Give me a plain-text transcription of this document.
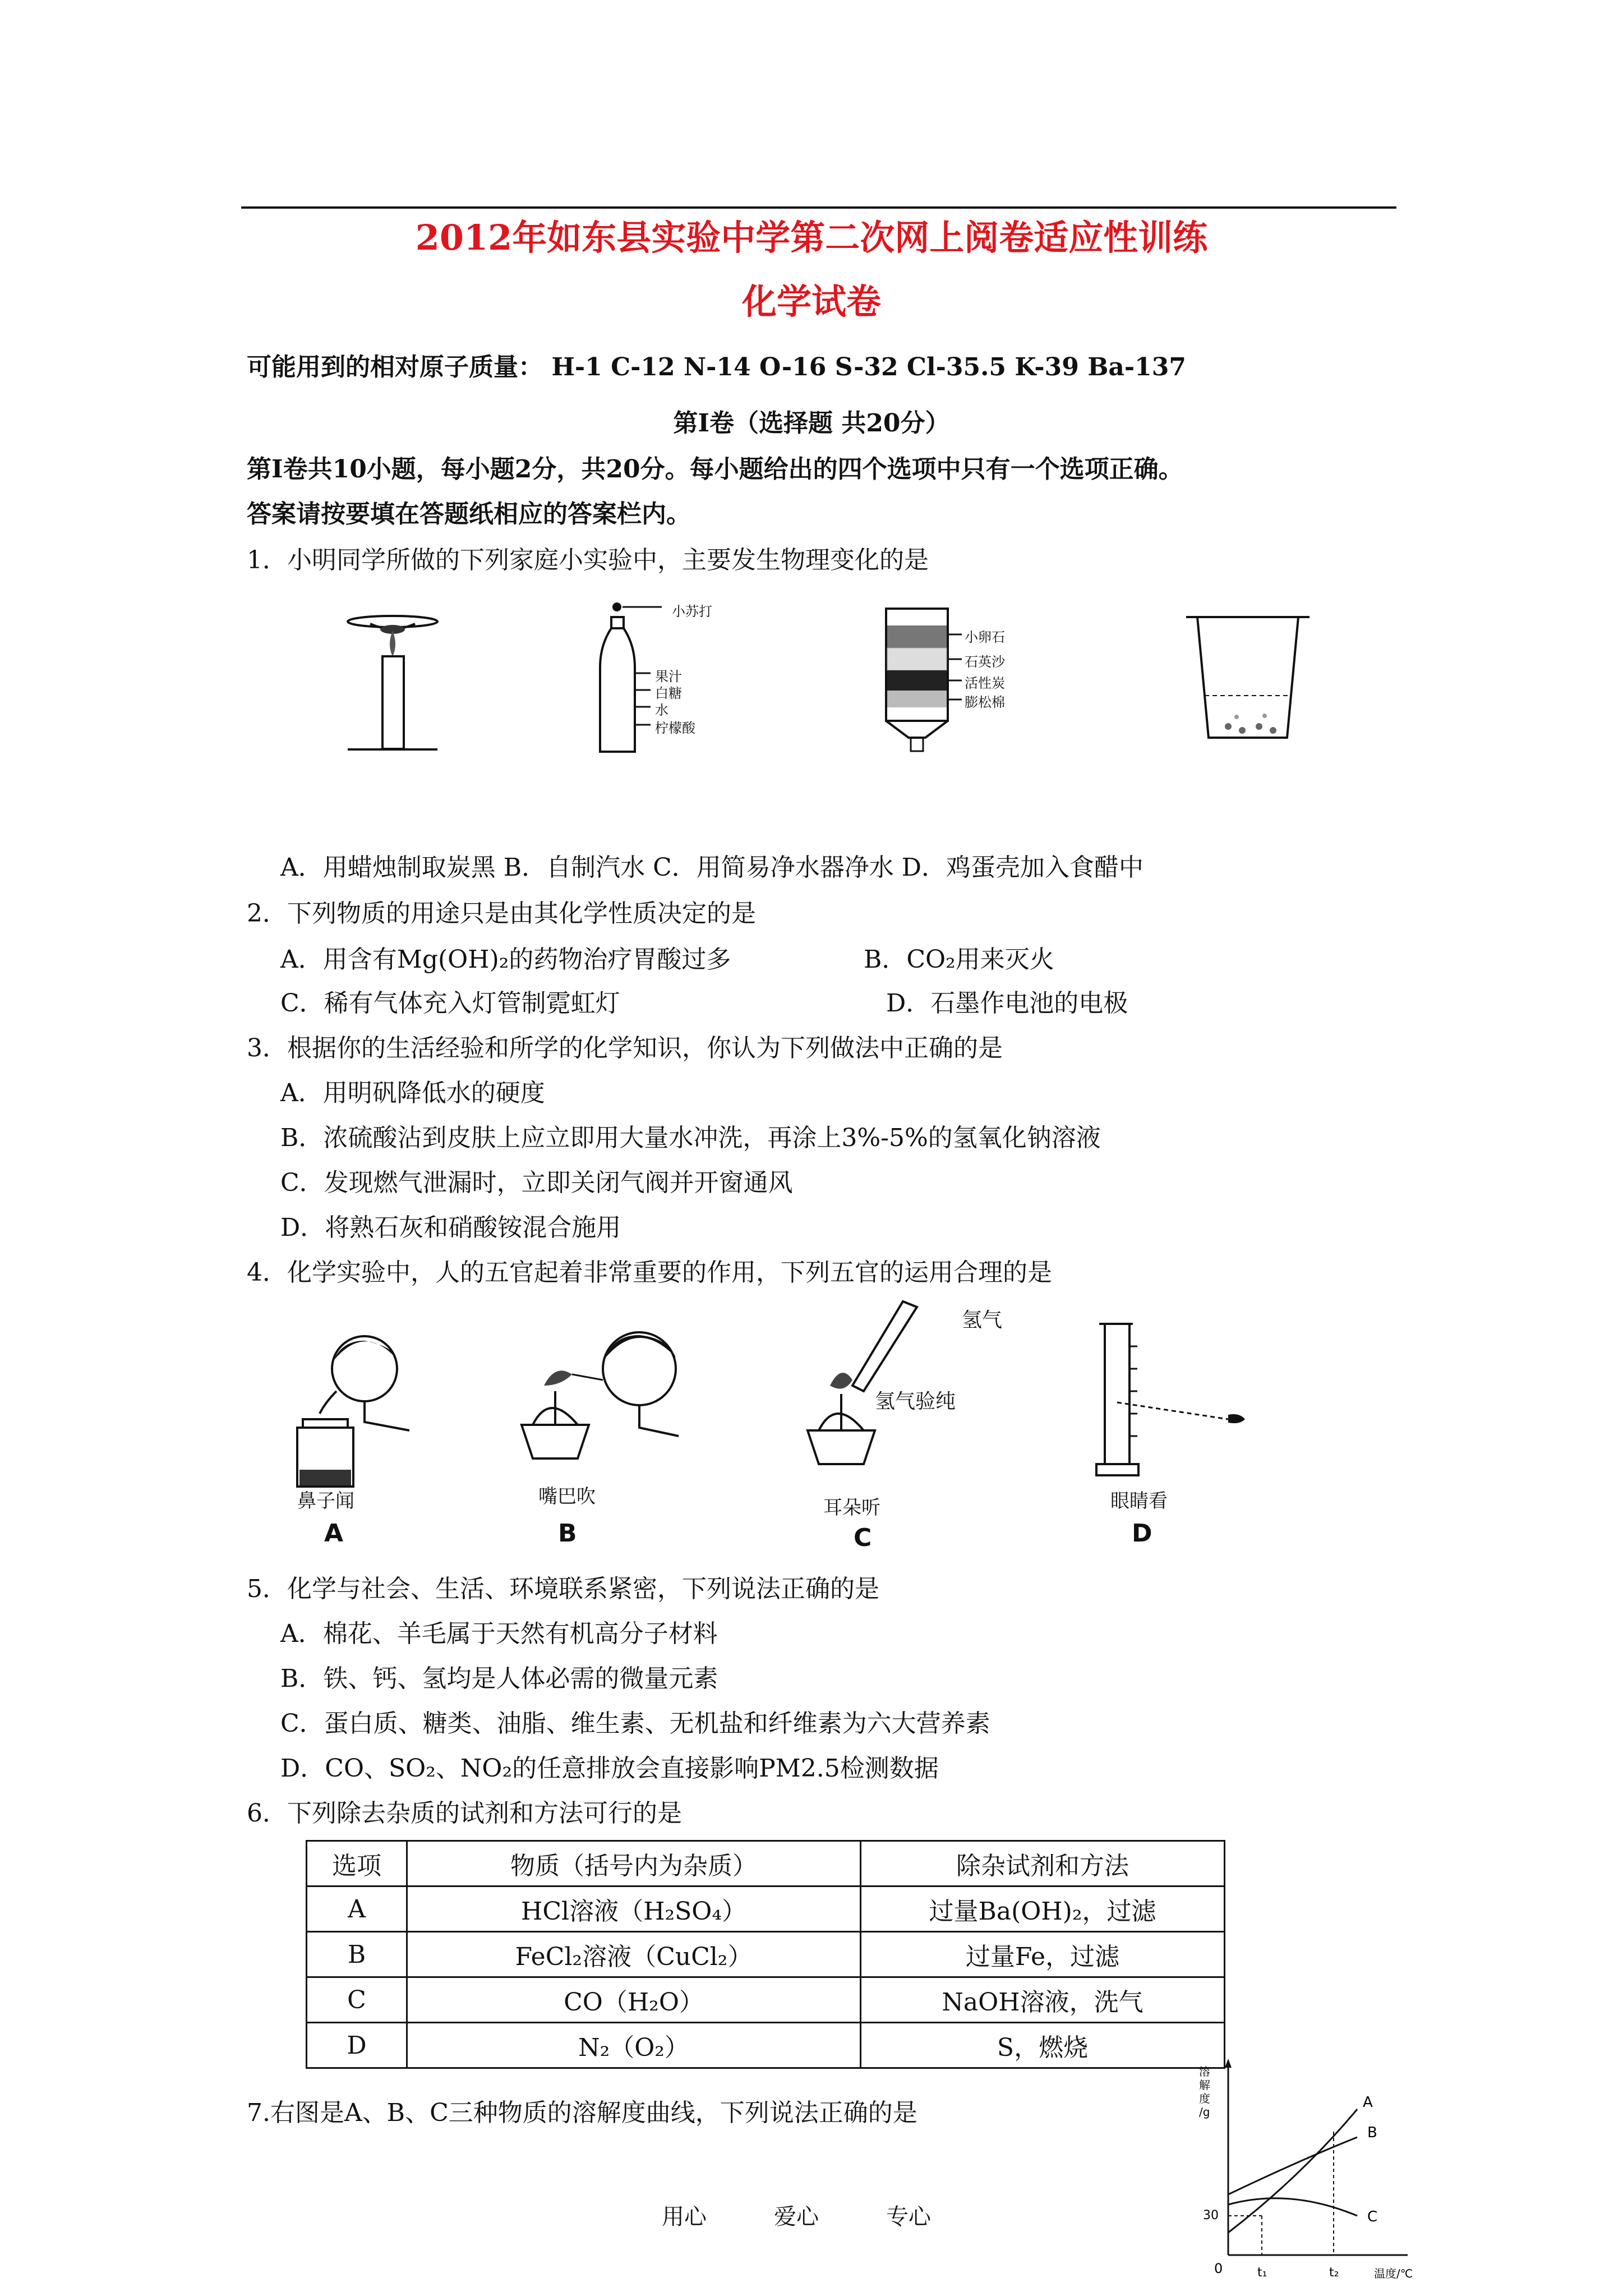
2012年如东县实验中学第二次网上阅卷适应性训练
化学试卷
可能用到的相对原子质量： H-1 C-12 N-14 O-16 S-32 Cl-35.5 K-39 Ba-137
第Ⅰ卷（选择题 共20分）
第Ⅰ卷共10小题，每小题2分，共20分。每小题给出的四个选项中只有一个选项正确。
答案请按要填在答题纸相应的答案栏内。
1．小明同学所做的下列家庭小实验中，主要发生物理变化的是
小苏打
果汁
白糖
水
柠檬酸
小卵石
石英沙
活性炭
膨松棉
A．用蜡烛制取炭黑 B．自制汽水 C．用简易净水器净水 D．鸡蛋壳加入食醋中
2．下列物质的用途只是由其化学性质决定的是
A．用含有Mg(OH)₂的药物治疗胃酸过多	B．CO₂用来灭火
C．稀有气体充入灯管制霓虹灯	D．石墨作电池的电极
3．根据你的生活经验和所学的化学知识，你认为下列做法中正确的是
A．用明矾降低水的硬度
B．浓硫酸沾到皮肤上应立即用大量水冲洗，再涂上3%-5%的氢氧化钠溶液
C．发现燃气泄漏时，立即关闭气阀并开窗通风
D．将熟石灰和硝酸铵混合施用
4．化学实验中，人的五官起着非常重要的作用，下列五官的运用合理的是
氢气
氢气验纯
鼻子闻	嘴巴吹	耳朵听	眼睛看
A	B	C	D
5．化学与社会、生活、环境联系紧密，下列说法正确的是
A．棉花、羊毛属于天然有机高分子材料
B．铁、钙、氢均是人体必需的微量元素
C．蛋白质、糖类、油脂、维生素、无机盐和纤维素为六大营养素
D．CO、SO₂、NO₂的任意排放会直接影响PM2.5检测数据
6．下列除去杂质的试剂和方法可行的是
选项	物质（括号内为杂质）	除杂试剂和方法
A	HCl溶液（H₂SO₄）	过量Ba(OH)₂，过滤
B	FeCl₂溶液（CuCl₂）	过量Fe，过滤
C	CO（H₂O）	NaOH溶液，洗气
D	N₂（O₂）	S，燃烧
7.右图是A、B、C三种物质的溶解度曲线，下列说法正确的是
溶
解
度
/g
0
30
温度/℃
t₁	t₂
A
B
C
用心	爱心	专心
